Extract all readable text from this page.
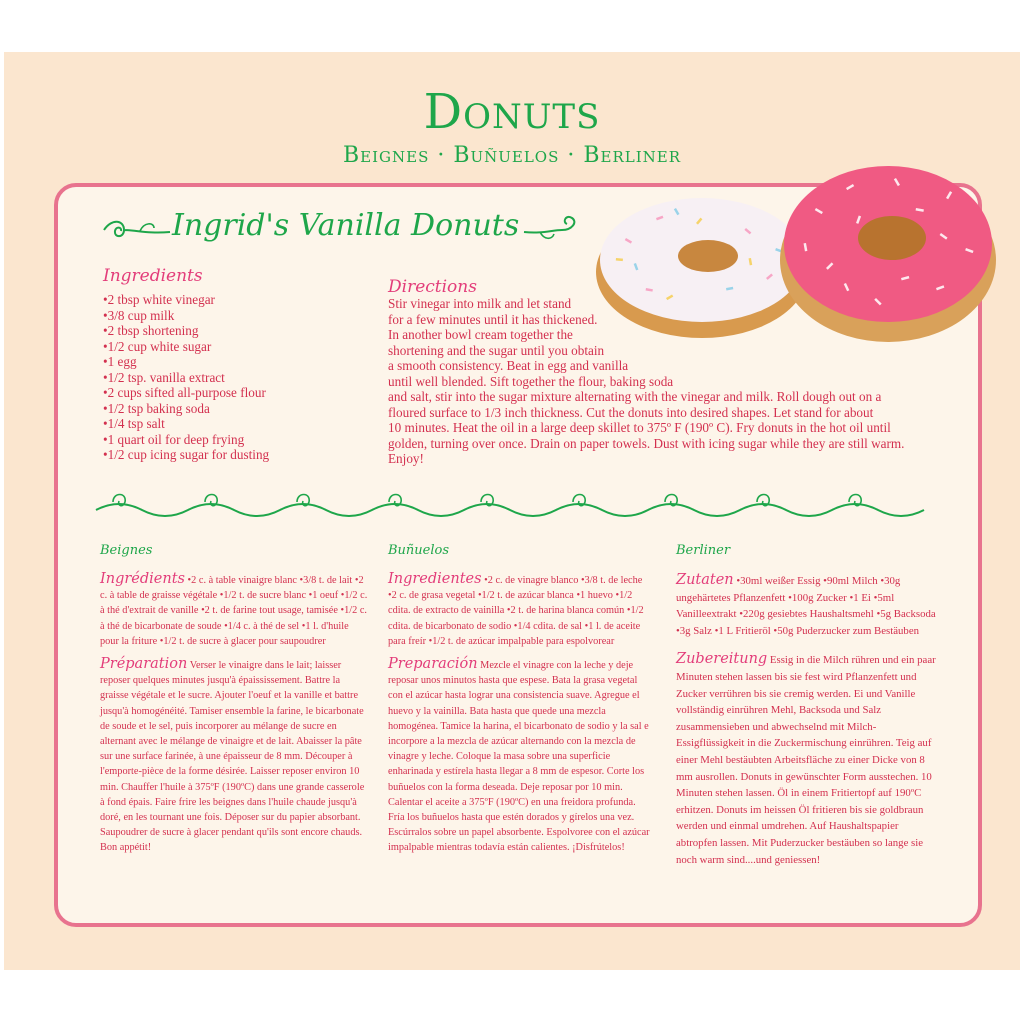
Donuts
Beignes · Buñuelos · Berliner
Ingrid's Vanilla Donuts
Ingredients
• 2 tbsp white vinegar
• 3/8 cup milk
• 2 tbsp shortening
• 1/2 cup white sugar
• 1 egg
• 1/2 tsp. vanilla extract
• 2 cups sifted all-purpose flour
• 1/2 tsp baking soda
• 1/4 tsp salt
• 1 quart oil for deep frying
• 1/2 cup icing sugar for dusting
Directions
Stir vinegar into milk and let stand
for a few minutes until it has thickened.
In another bowl cream together the
shortening and the sugar until you obtain
a smooth consistency. Beat in egg and vanilla
until well blended. Sift together the flour, baking soda
and salt, stir into the sugar mixture alternating with the vinegar and milk. Roll dough out on a
floured surface to 1/3 inch thickness. Cut the donuts into desired shapes. Let stand for about
10 minutes. Heat the oil in a large deep skillet to 375º F (190º C). Fry donuts in the hot oil until
golden, turning over once. Drain on paper towels. Dust with icing sugar while they are still warm.
Enjoy!
Beignes

Ingrédients •2 c. à table vinaigre blanc •3/8 t. de lait •2 c. à table de graisse végétale •1/2 t. de sucre blanc •1 oeuf •1/2 c. à thé d'extrait de vanille •2 t. de farine tout usage, tamisée •1/2 c. à thé de bicarbonate de soude •1/4 c. à thé de sel •1 l. d'huile pour la friture •1/2 t. de sucre à glacer pour saupoudrer

Préparation Verser le vinaigre dans le lait; laisser reposer quelques minutes jusqu'à épaississement. Battre la graisse végétale et le sucre. Ajouter l'oeuf et la vanille et battre jusqu'à homogénéité. Tamiser ensemble la farine, le bicarbonate de soude et le sel, puis incorporer au mélange de sucre en alternant avec le mélange de vinaigre et de lait. Abaisser la pâte sur une surface farinée, à une épaisseur de 8 mm. Découper à l'emporte-pièce de la forme désirée. Laisser reposer environ 10 min. Chauffer l'huile à 375ºF (190ºC) dans une grande casserole à fond épais. Faire frire les beignes dans l'huile chaude jusqu'à doré, en les tournant une fois. Déposer sur du papier absorbant. Saupoudrer de sucre à glacer pendant qu'ils sont encore chauds. Bon appétit!

Buñuelos

Ingredientes •2 c. de vinagre blanco •3/8 t. de leche •2 c. de grasa vegetal •1/2 t. de azúcar blanca •1 huevo •1/2 cdita. de extracto de vainilla •2 t. de harina blanca común •1/2 cdita. de bicarbonato de sodio •1/4 cdita. de sal •1 l. de aceite para freír •1/2 t. de azúcar impalpable para espolvorear

Preparación Mezcle el vinagre con la leche y deje reposar unos minutos hasta que espese. Bata la grasa vegetal con el azúcar hasta lograr una consistencia suave. Agregue el huevo y la vainilla. Bata hasta que quede una mezcla homogénea. Tamice la harina, el bicarbonato de sodio y la sal e incorpore a la mezcla de azúcar alternando con la mezcla de vinagre y leche. Coloque la masa sobre una superficie enharinada y estírela hasta llegar a 8 mm de espesor. Corte los buñuelos con la forma deseada. Deje reposar por 10 min. Calentar el aceite a 375ºF (190ºC) en una freidora profunda. Fría los buñuelos hasta que estén dorados y gírelos una vez. Escúrralos sobre un papel absorbente. Espolvoree con el azúcar impalpable mientras todavía están calientes. ¡Disfrútelos!

Berliner

Zutaten •30ml weißer Essig •90ml Milch •30g ungehärtetes Pflanzenfett •100g Zucker •1 Ei •5ml Vanilleextrakt •220g gesiebtes Haushaltsmehl •5g Backsoda •3g Salz •1 L Fritieröl •50g Puderzucker zum Bestäuben

Zubereitung Essig in die Milch rühren und ein paar Minuten stehen lassen bis sie fest wird Pflanzenfett und Zucker verrühren bis sie cremig werden. Ei und Vanille vollständig einrühren Mehl, Backsoda und Salz zusammensieben und abwechselnd mit Milch-Essigflüssigkeit in die Zuckermischung einrühren. Teig auf einer Mehl bestäubten Arbeitsfläche zu einer Dicke von 8 mm ausrollen. Donuts in gewünschter Form ausstechen. 10 Minuten stehen lassen. Öl in einem Fritiertopf auf 190ºC erhitzen. Donuts im heissen Öl fritieren bis sie goldbraun werden und einmal umdrehen. Auf Haushaltspapier abtropfen lassen. Mit Puderzucker bestäuben so lange sie noch warm sind....und geniessen!
